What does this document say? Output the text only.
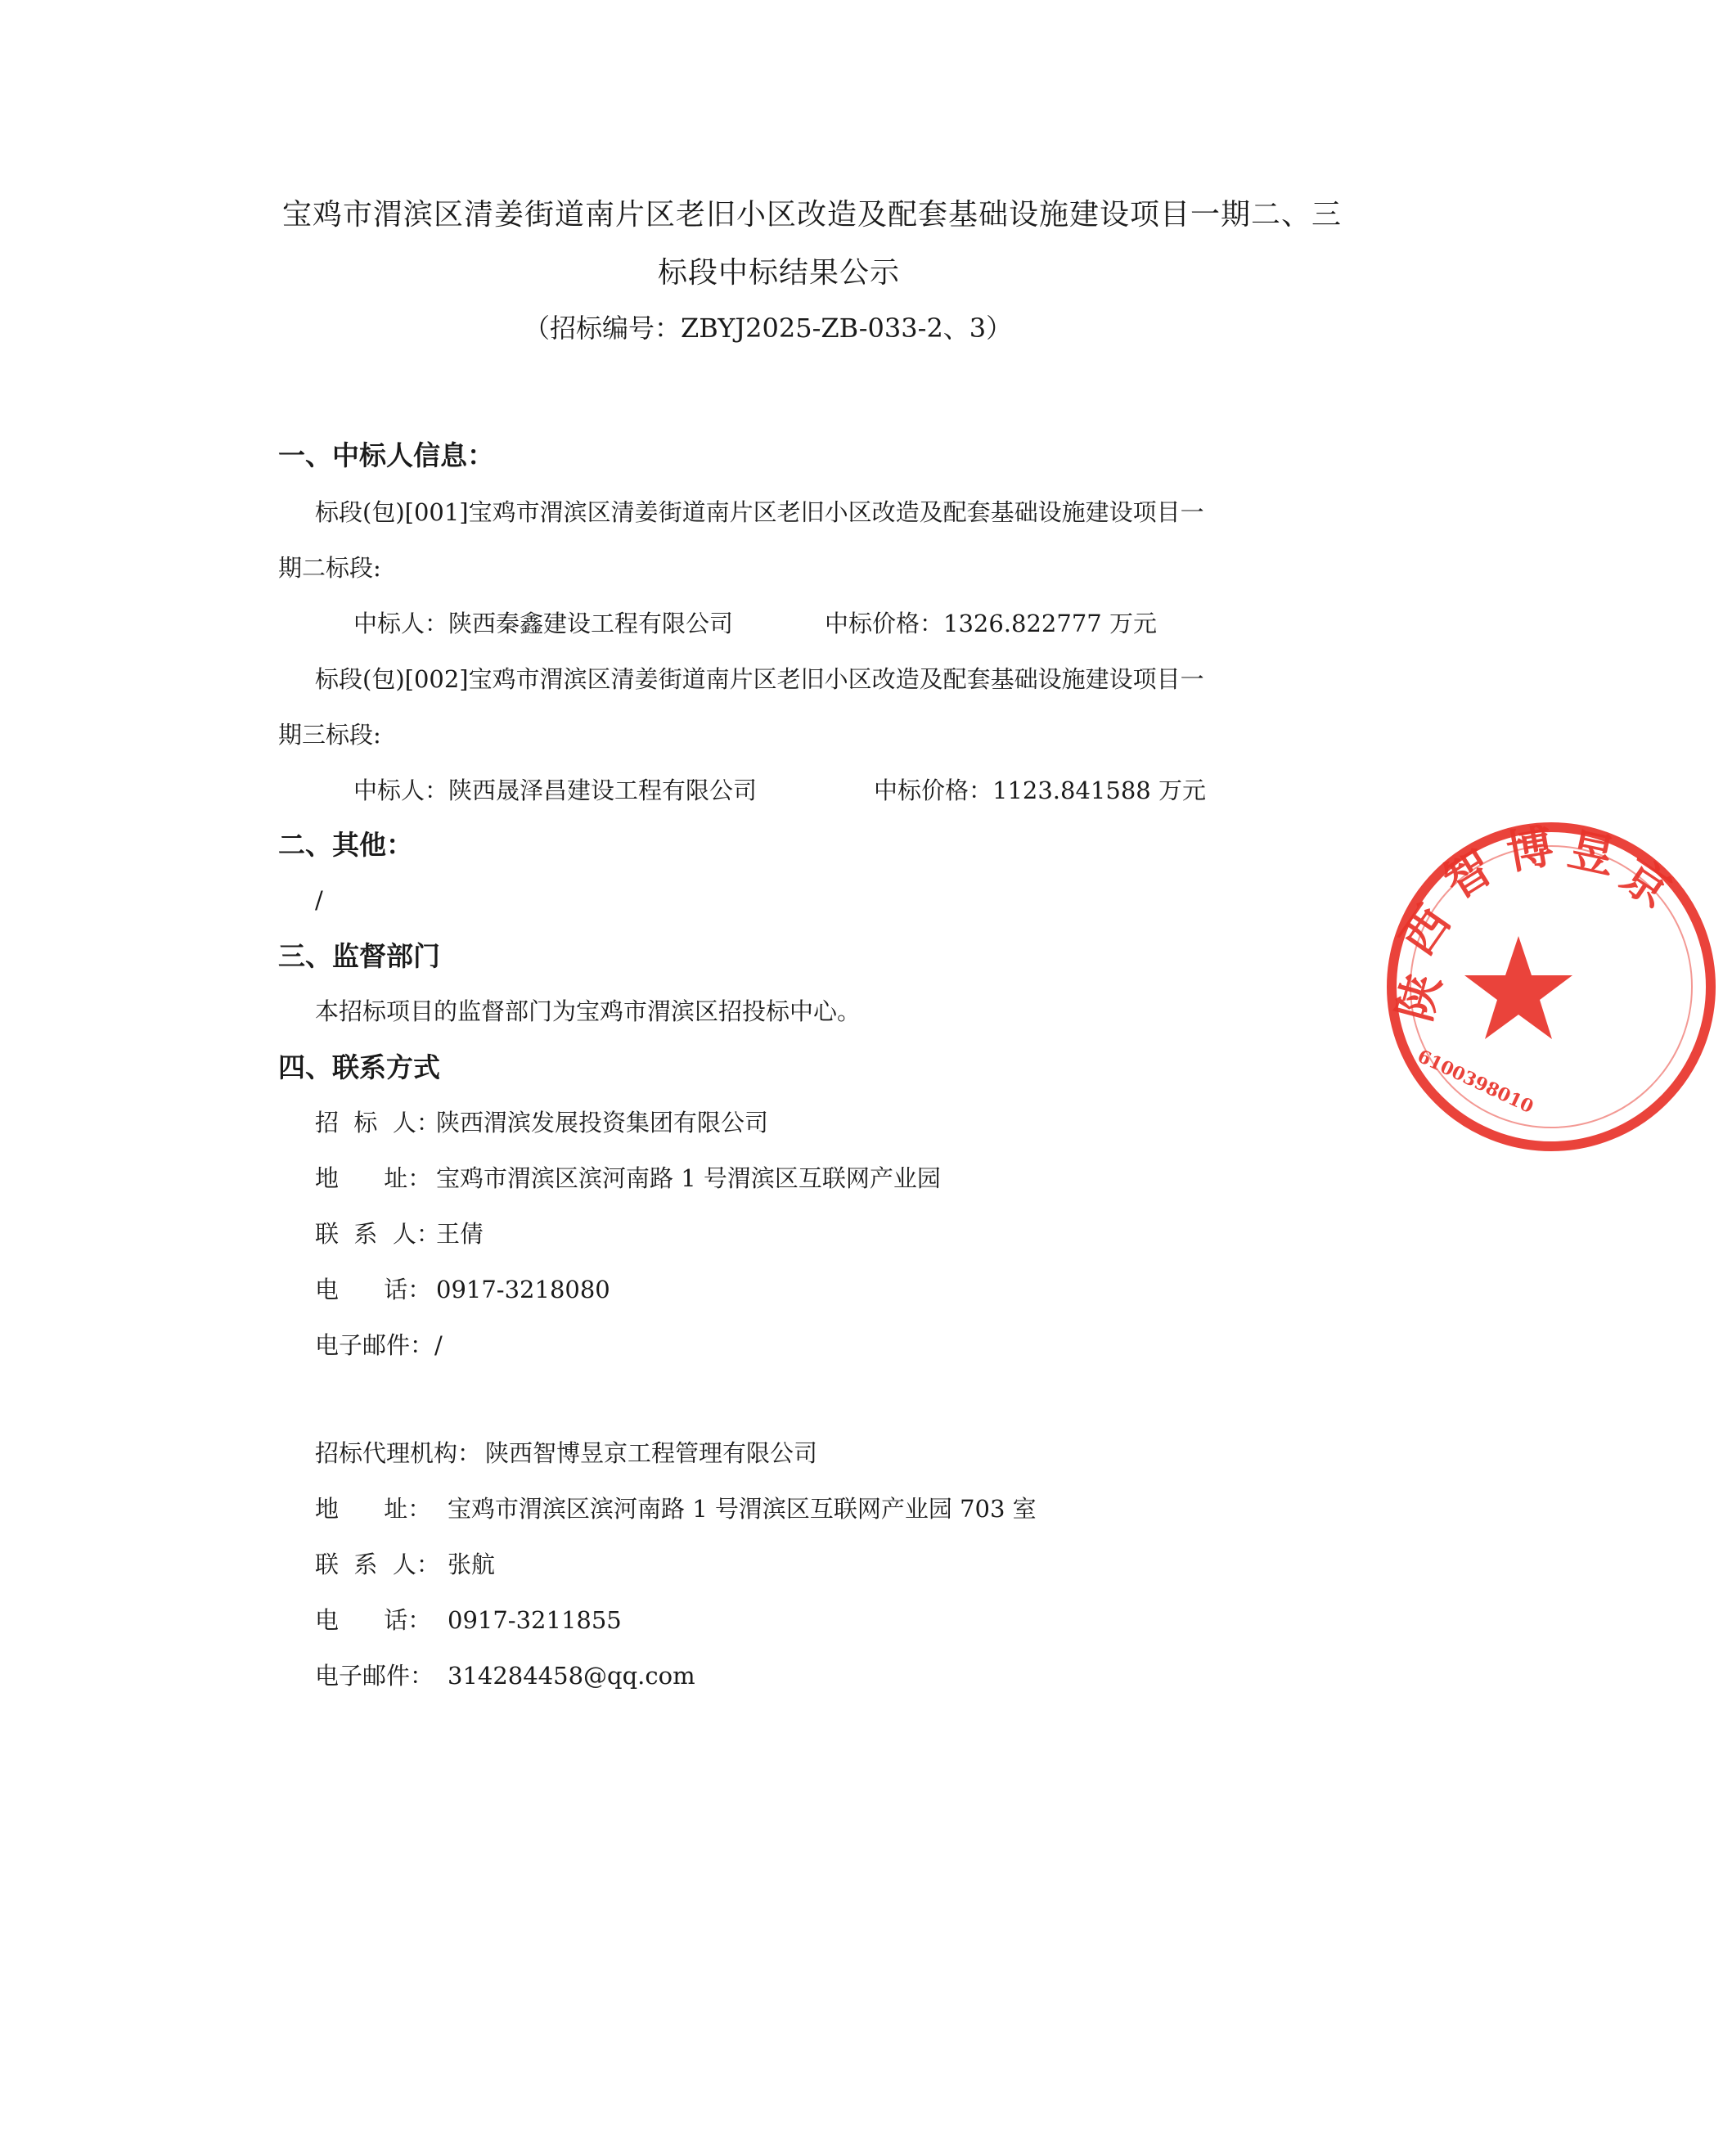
宝鸡市渭滨区清姜街道南片区老旧小区改造及配套基础设施建设项目一期二、三
标段中标结果公示
（招标编号：ZBYJ2025-ZB-033-2、3）
一、中标人信息：
标段(包)[001]宝鸡市渭滨区清姜街道南片区老旧小区改造及配套基础设施建设项目一
期二标段:
中标人：陕西秦鑫建设工程有限公司	中标价格：1326.822777 万元
标段(包)[002]宝鸡市渭滨区清姜街道南片区老旧小区改造及配套基础设施建设项目一
期三标段:
中标人：陕西晟泽昌建设工程有限公司	中标价格：1123.841588 万元
二、其他：
/
三、监督部门
本招标项目的监督部门为宝鸡市渭滨区招投标中心。
四、联系方式
招  标  人：
陕西渭滨发展投资集团有限公司
地      址： 宝鸡市渭滨区滨河南路 1 号渭滨区互联网产业园
联  系  人：
王倩
电      话： 0917-3218080
电子邮件： /
招标代理机构： 陕西智博昱京工程管理有限公司
地      址： 宝鸡市渭滨区滨河南路 1 号渭滨区互联网产业园 703 室
联  系  人： 张航
电      话： 0917-3211855
电子邮件： 314284458@qq.com
陕
西
智 博 昱
京
6100398010
